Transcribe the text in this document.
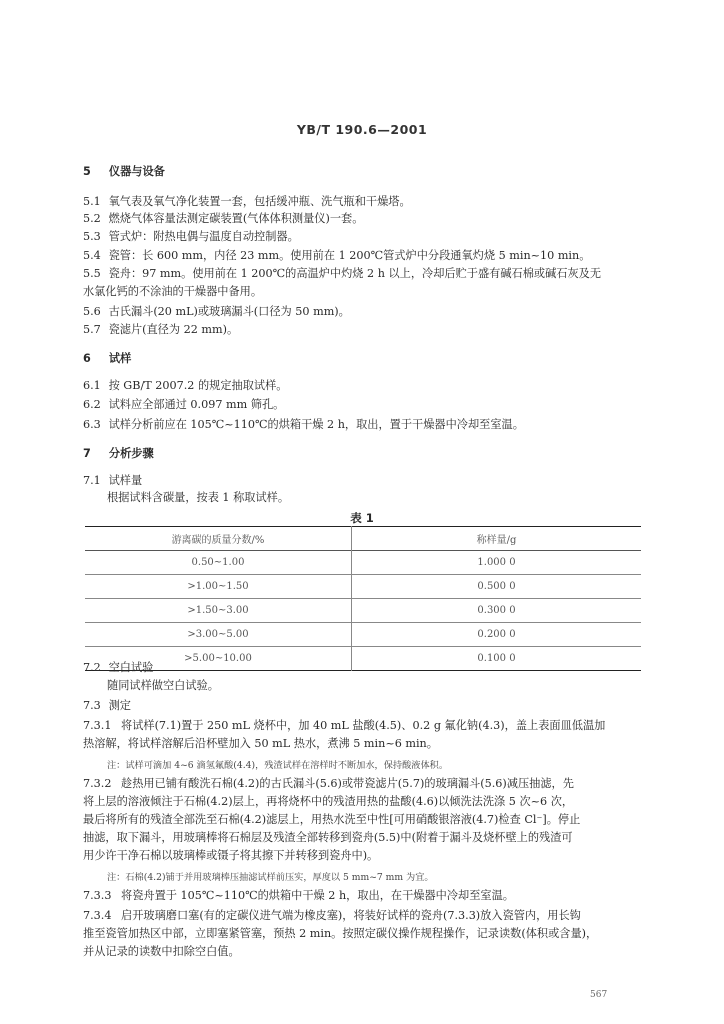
YB/T 190.6—2001
5 仪器与设备
5.1 氧气表及氧气净化装置一套，包括缓冲瓶、洗气瓶和干燥塔。
5.2 燃烧气体容量法测定碳装置(气体体积测量仪)一套。
5.3 管式炉：附热电偶与温度自动控制器。
5.4 瓷管：长 600 mm，内径 23 mm。使用前在 1 200℃管式炉中分段通氧灼烧 5 min~10 min。
5.5 瓷舟：97 mm。使用前在 1 200℃的高温炉中灼烧 2 h 以上，冷却后贮于盛有碱石棉或碱石灰及无
水氯化钙的不涂油的干燥器中备用。
5.6 古氏漏斗(20 mL)或玻璃漏斗(口径为 50 mm)。
5.7 瓷滤片(直径为 22 mm)。
6 试样
6.1 按 GB/T 2007.2 的规定抽取试样。
6.2 试料应全部通过 0.097 mm 筛孔。
6.3 试样分析前应在 105℃~110℃的烘箱干燥 2 h，取出，置于干燥器中冷却至室温。
7 分析步骤
7.1 试样量
根据试料含碳量，按表 1 称取试样。
表 1
游离碳的质量分数/%	称样量/g
0.50~1.00	1.000 0
>1.00~1.50	0.500 0
>1.50~3.00	0.300 0
>3.00~5.00	0.200 0
>5.00~10.00	0.100 0
7.2 空白试验
随同试样做空白试验。
7.3 测定
7.3.1 将试样(7.1)置于 250 mL 烧杯中，加 40 mL 盐酸(4.5)、0.2 g 氟化钠(4.3)，盖上表面皿低温加
热溶解，将试样溶解后沿杯壁加入 50 mL 热水，煮沸 5 min~6 min。
注：试样可滴加 4~6 滴氢氟酸(4.4)，残渣试样在溶样时不断加水，保持酸液体积。
7.3.2 趁热用已铺有酸洗石棉(4.2)的古氏漏斗(5.6)或带瓷滤片(5.7)的玻璃漏斗(5.6)减压抽滤，先
将上层的溶液倾注于石棉(4.2)层上，再将烧杯中的残渣用热的盐酸(4.6)以倾洗法洗涤 5 次~6 次，
最后将所有的残渣全部洗至石棉(4.2)滤层上，用热水洗至中性[可用硝酸银溶液(4.7)检查 Cl⁻]。停止
抽滤，取下漏斗，用玻璃棒将石棉层及残渣全部转移到瓷舟(5.5)中(附着于漏斗及烧杯壁上的残渣可
用少许干净石棉以玻璃棒或镊子将其擦下并转移到瓷舟中)。
注：石棉(4.2)铺于并用玻璃棒压抽滤试样前压实，厚度以 5 mm~7 mm 为宜。
7.3.3 将瓷舟置于 105℃~110℃的烘箱中干燥 2 h，取出，在干燥器中冷却至室温。
7.3.4 启开玻璃磨口塞(有的定碳仪进气端为橡皮塞)，将装好试样的瓷舟(7.3.3)放入瓷管内，用长钩
推至瓷管加热区中部，立即塞紧管塞，预热 2 min。按照定碳仪操作规程操作，记录读数(体积或含量)，
并从记录的读数中扣除空白值。
567
